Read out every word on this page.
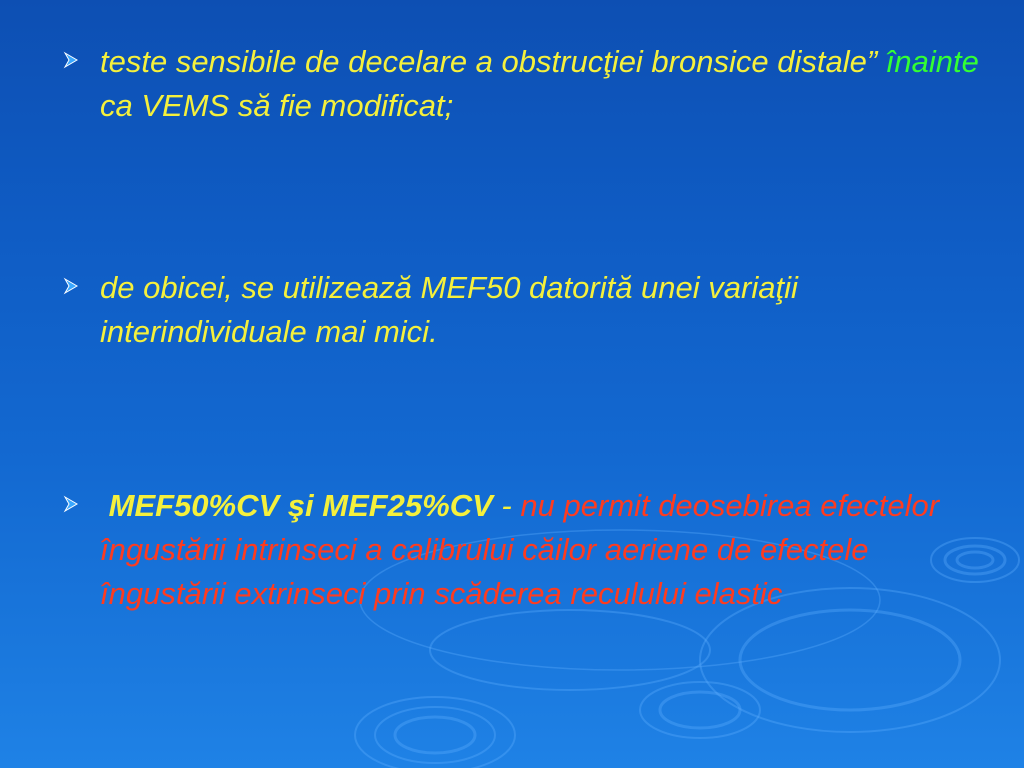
teste sensibile de decelare a obstrucţiei bronsice distale” înainte ca VEMS să fie modificat;
de obicei, se utilizează MEF50 datorită unei variaţii interindividuale mai mici.
MEF50%CV şi MEF25%CV - nu permit deosebirea efectelor îngustării intrinseci a calibrului căilor aeriene de efectele îngustării extrinseci prin scăderea reculului elastic
